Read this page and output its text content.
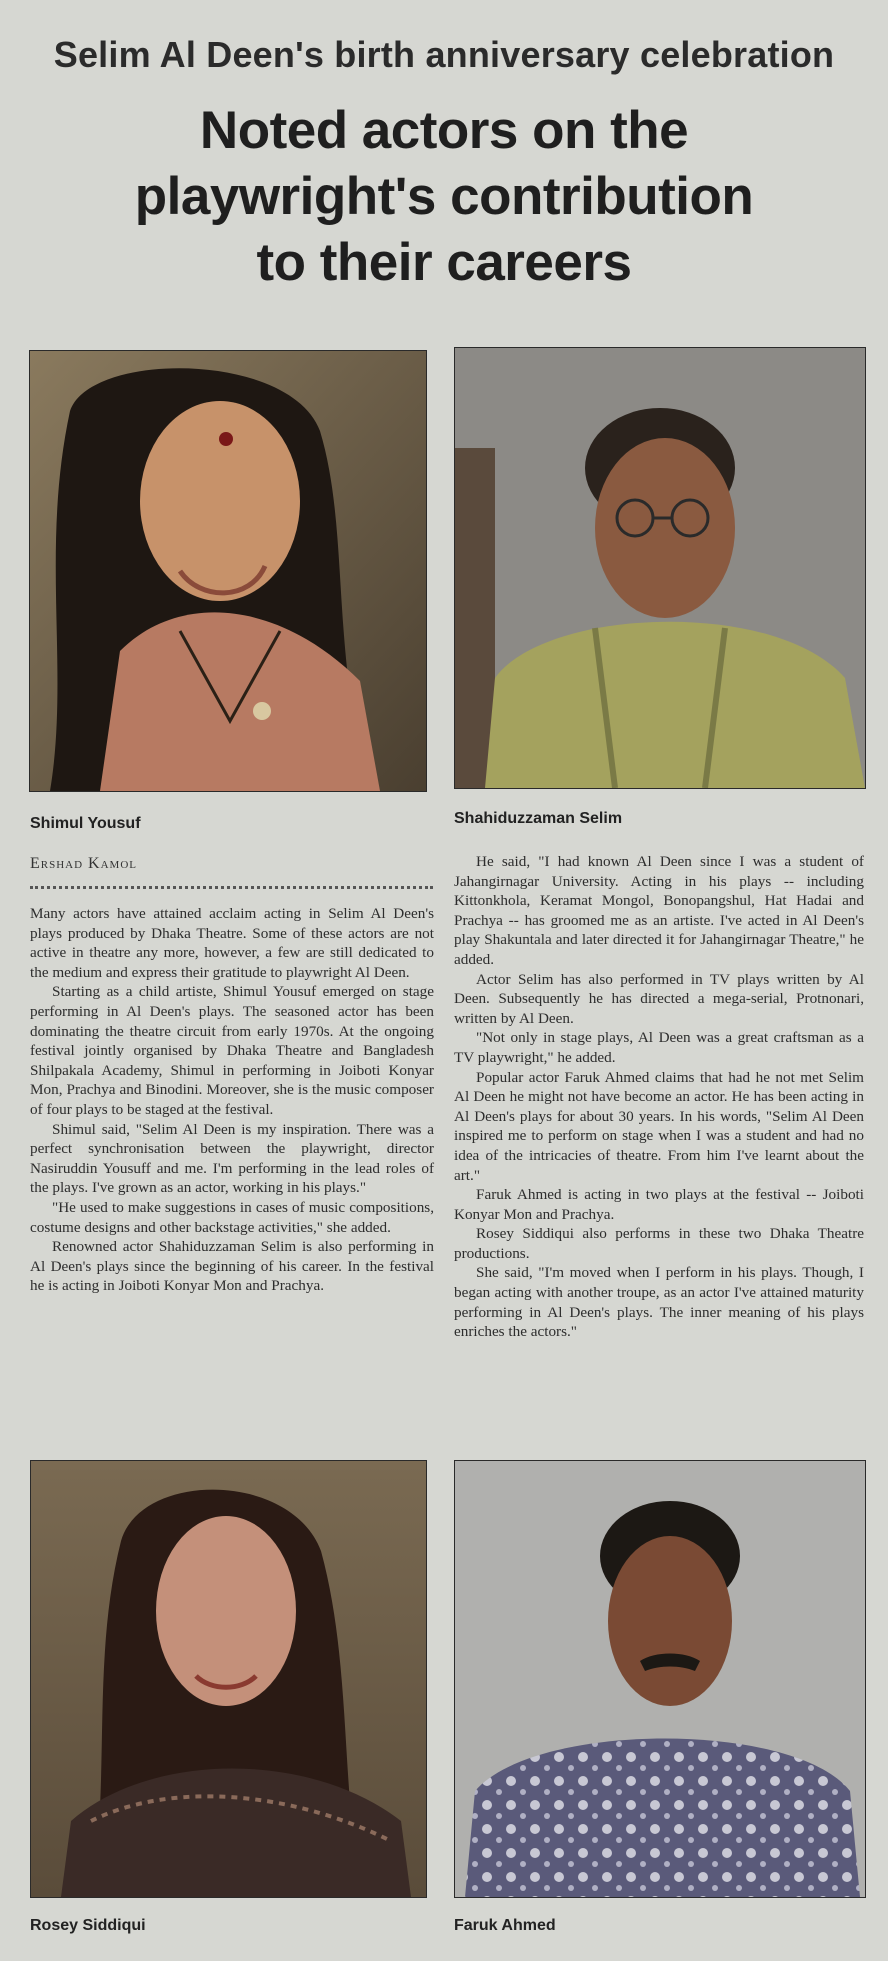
Selim Al Deen's birth anniversary celebration
Noted actors on the
playwright's contribution
to their careers
Shimul Yousuf	Shahiduzzaman Selim
Ershad Kamol

Many actors have attained acclaim acting in Selim Al Deen's plays produced by Dhaka Theatre. Some of these actors are not active in theatre any more, however, a few are still dedicated to the medium and express their gratitude to playwright Al Deen.

Starting as a child artiste, Shimul Yousuf emerged on stage performing in Al Deen's plays. The seasoned actor has been dominating the theatre circuit from early 1970s. At the ongoing festival jointly organised by Dhaka Theatre and Bangladesh Shilpakala Academy, Shimul in performing in Joiboti Konyar Mon, Prachya and Binodini. Moreover, she is the music composer of four plays to be staged at the festival.

Shimul said, "Selim Al Deen is my inspiration. There was a perfect synchronisation between the playwright, director Nasiruddin Yousuff and me. I'm performing in the lead roles of the plays. I've grown as an actor, working in his plays."

"He used to make suggestions in cases of music compositions, costume designs and other backstage activities," she added.

Renowned actor Shahiduzzaman Selim is also performing in Al Deen's plays since the beginning of his career. In the festival he is acting in Joiboti Konyar Mon and Prachya.

He said, "I had known Al Deen since I was a student of Jahangirnagar University. Acting in his plays -- including Kittonkhola, Keramat Mongol, Bonopangshul, Hat Hadai and Prachya -- has groomed me as an artiste. I've acted in Al Deen's play Shakuntala and later directed it for Jahangirnagar Theatre," he added.

Actor Selim has also performed in TV plays written by Al Deen. Subsequently he has directed a mega-serial, Protnonari, written by Al Deen.

"Not only in stage plays, Al Deen was a great craftsman as a TV playwright," he added.

Popular actor Faruk Ahmed claims that had he not met Selim Al Deen he might not have become an actor. He has been acting in Al Deen's plays for about 30 years. In his words, "Selim Al Deen inspired me to perform on stage when I was a student and had no idea of the intricacies of theatre. From him I've learnt about the art."

Faruk Ahmed is acting in two plays at the festival -- Joiboti Konyar Mon and Prachya.

Rosey Siddiqui also performs in these two Dhaka Theatre productions.

She said, "I'm moved when I perform in his plays. Though, I began acting with another troupe, as an actor I've attained maturity performing in Al Deen's plays. The inner meaning of his plays enriches the actors."

Rosey Siddiqui	Faruk Ahmed
